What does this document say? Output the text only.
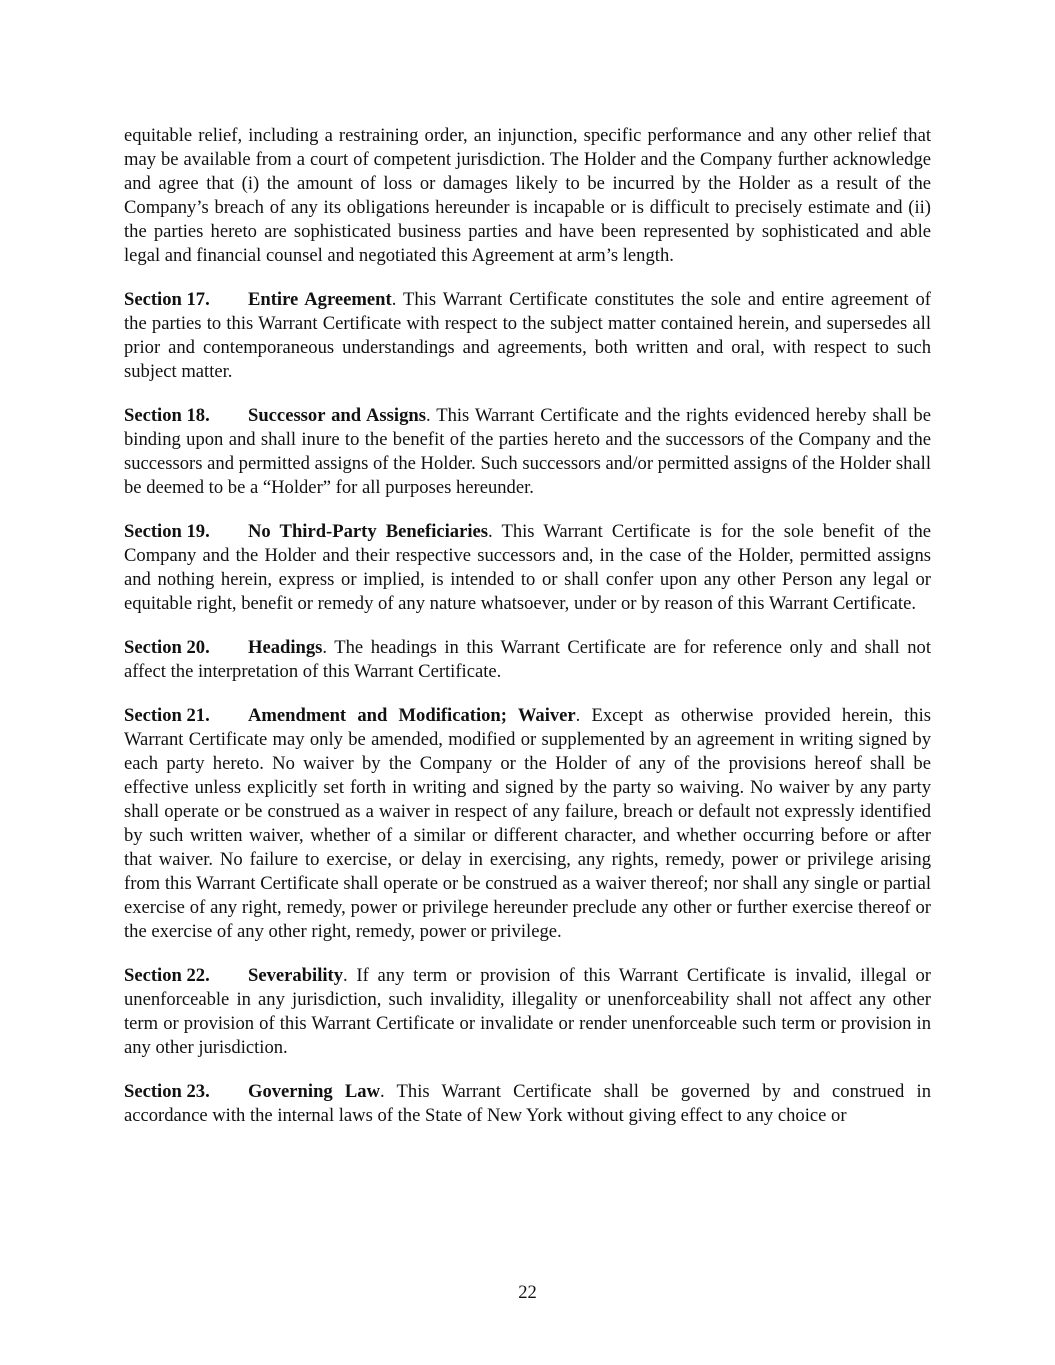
equitable relief, including a restraining order, an injunction, specific performance and any other relief that may be available from a court of competent jurisdiction. The Holder and the Company further acknowledge and agree that (i) the amount of loss or damages likely to be incurred by the Holder as a result of the Company’s breach of any its obligations hereunder is incapable or is difficult to precisely estimate and (ii) the parties hereto are sophisticated business parties and have been represented by sophisticated and able legal and financial counsel and negotiated this Agreement at arm’s length.

Section 17. Entire Agreement. This Warrant Certificate constitutes the sole and entire agreement of the parties to this Warrant Certificate with respect to the subject matter contained herein, and supersedes all prior and contemporaneous understandings and agreements, both written and oral, with respect to such subject matter.

Section 18. Successor and Assigns. This Warrant Certificate and the rights evidenced hereby shall be binding upon and shall inure to the benefit of the parties hereto and the successors of the Company and the successors and permitted assigns of the Holder. Such successors and/or permitted assigns of the Holder shall be deemed to be a “Holder” for all purposes hereunder.

Section 19. No Third-Party Beneficiaries. This Warrant Certificate is for the sole benefit of the Company and the Holder and their respective successors and, in the case of the Holder, permitted assigns and nothing herein, express or implied, is intended to or shall confer upon any other Person any legal or equitable right, benefit or remedy of any nature whatsoever, under or by reason of this Warrant Certificate.

Section 20. Headings. The headings in this Warrant Certificate are for reference only and shall not affect the interpretation of this Warrant Certificate.

Section 21. Amendment and Modification; Waiver. Except as otherwise provided herein, this Warrant Certificate may only be amended, modified or supplemented by an agreement in writing signed by each party hereto. No waiver by the Company or the Holder of any of the provisions hereof shall be effective unless explicitly set forth in writing and signed by the party so waiving. No waiver by any party shall operate or be construed as a waiver in respect of any failure, breach or default not expressly identified by such written waiver, whether of a similar or different character, and whether occurring before or after that waiver. No failure to exercise, or delay in exercising, any rights, remedy, power or privilege arising from this Warrant Certificate shall operate or be construed as a waiver thereof; nor shall any single or partial exercise of any right, remedy, power or privilege hereunder preclude any other or further exercise thereof or the exercise of any other right, remedy, power or privilege.

Section 22. Severability. If any term or provision of this Warrant Certificate is invalid, illegal or unenforceable in any jurisdiction, such invalidity, illegality or unenforceability shall not affect any other term or provision of this Warrant Certificate or invalidate or render unenforceable such term or provision in any other jurisdiction.

Section 23. Governing Law. This Warrant Certificate shall be governed by and construed in accordance with the internal laws of the State of New York without giving effect to any choice or

22
